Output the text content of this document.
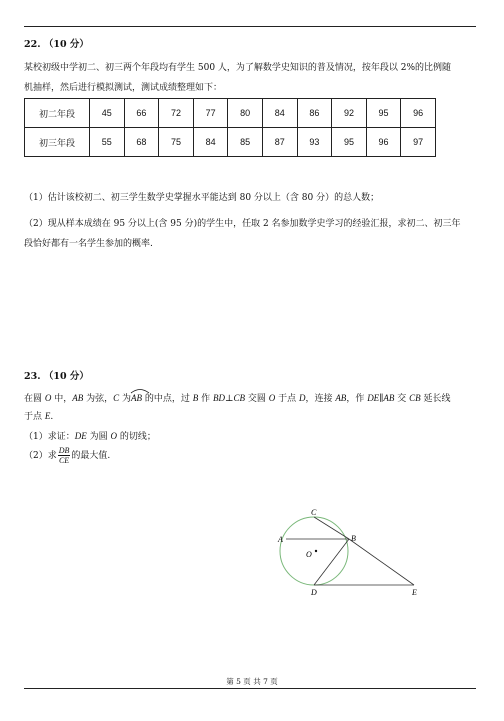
22. （10 分）
某校初级中学初二、初三两个年段均有学生 500 人，为了解数学史知识的普及情况，按年段以 2%的比例随
机抽样，然后进行模拟测试，测试成绩整理如下：
初二年段	45	66	72	77	80	84	86	92	95	96
初三年段	55	68	75	84	85	87	93	95	96	97
（1）估计该校初二、初三学生数学史掌握水平能达到 80 分以上（含 80 分）的总人数；
（2）现从样本成绩在 95 分以上(含 95 分)的学生中，任取 2 名参加数学史学习的经验汇报，求初二、初三年
段恰好都有一名学生参加的概率.
23. （10 分）
在圆 O 中，AB 为弦，C 为
AB 的中点，过 B 作 BD⊥CB 交圆 O 于点 D，连接 AB，作 DE∥AB 交 CB 延长线
于点 E.
（1）求证：DE 为圆 O 的切线；
（2）求 $\frac{DB}{CE}$ 的最大值.
C
A	B
O
D	E
第 5 页 共 7 页
